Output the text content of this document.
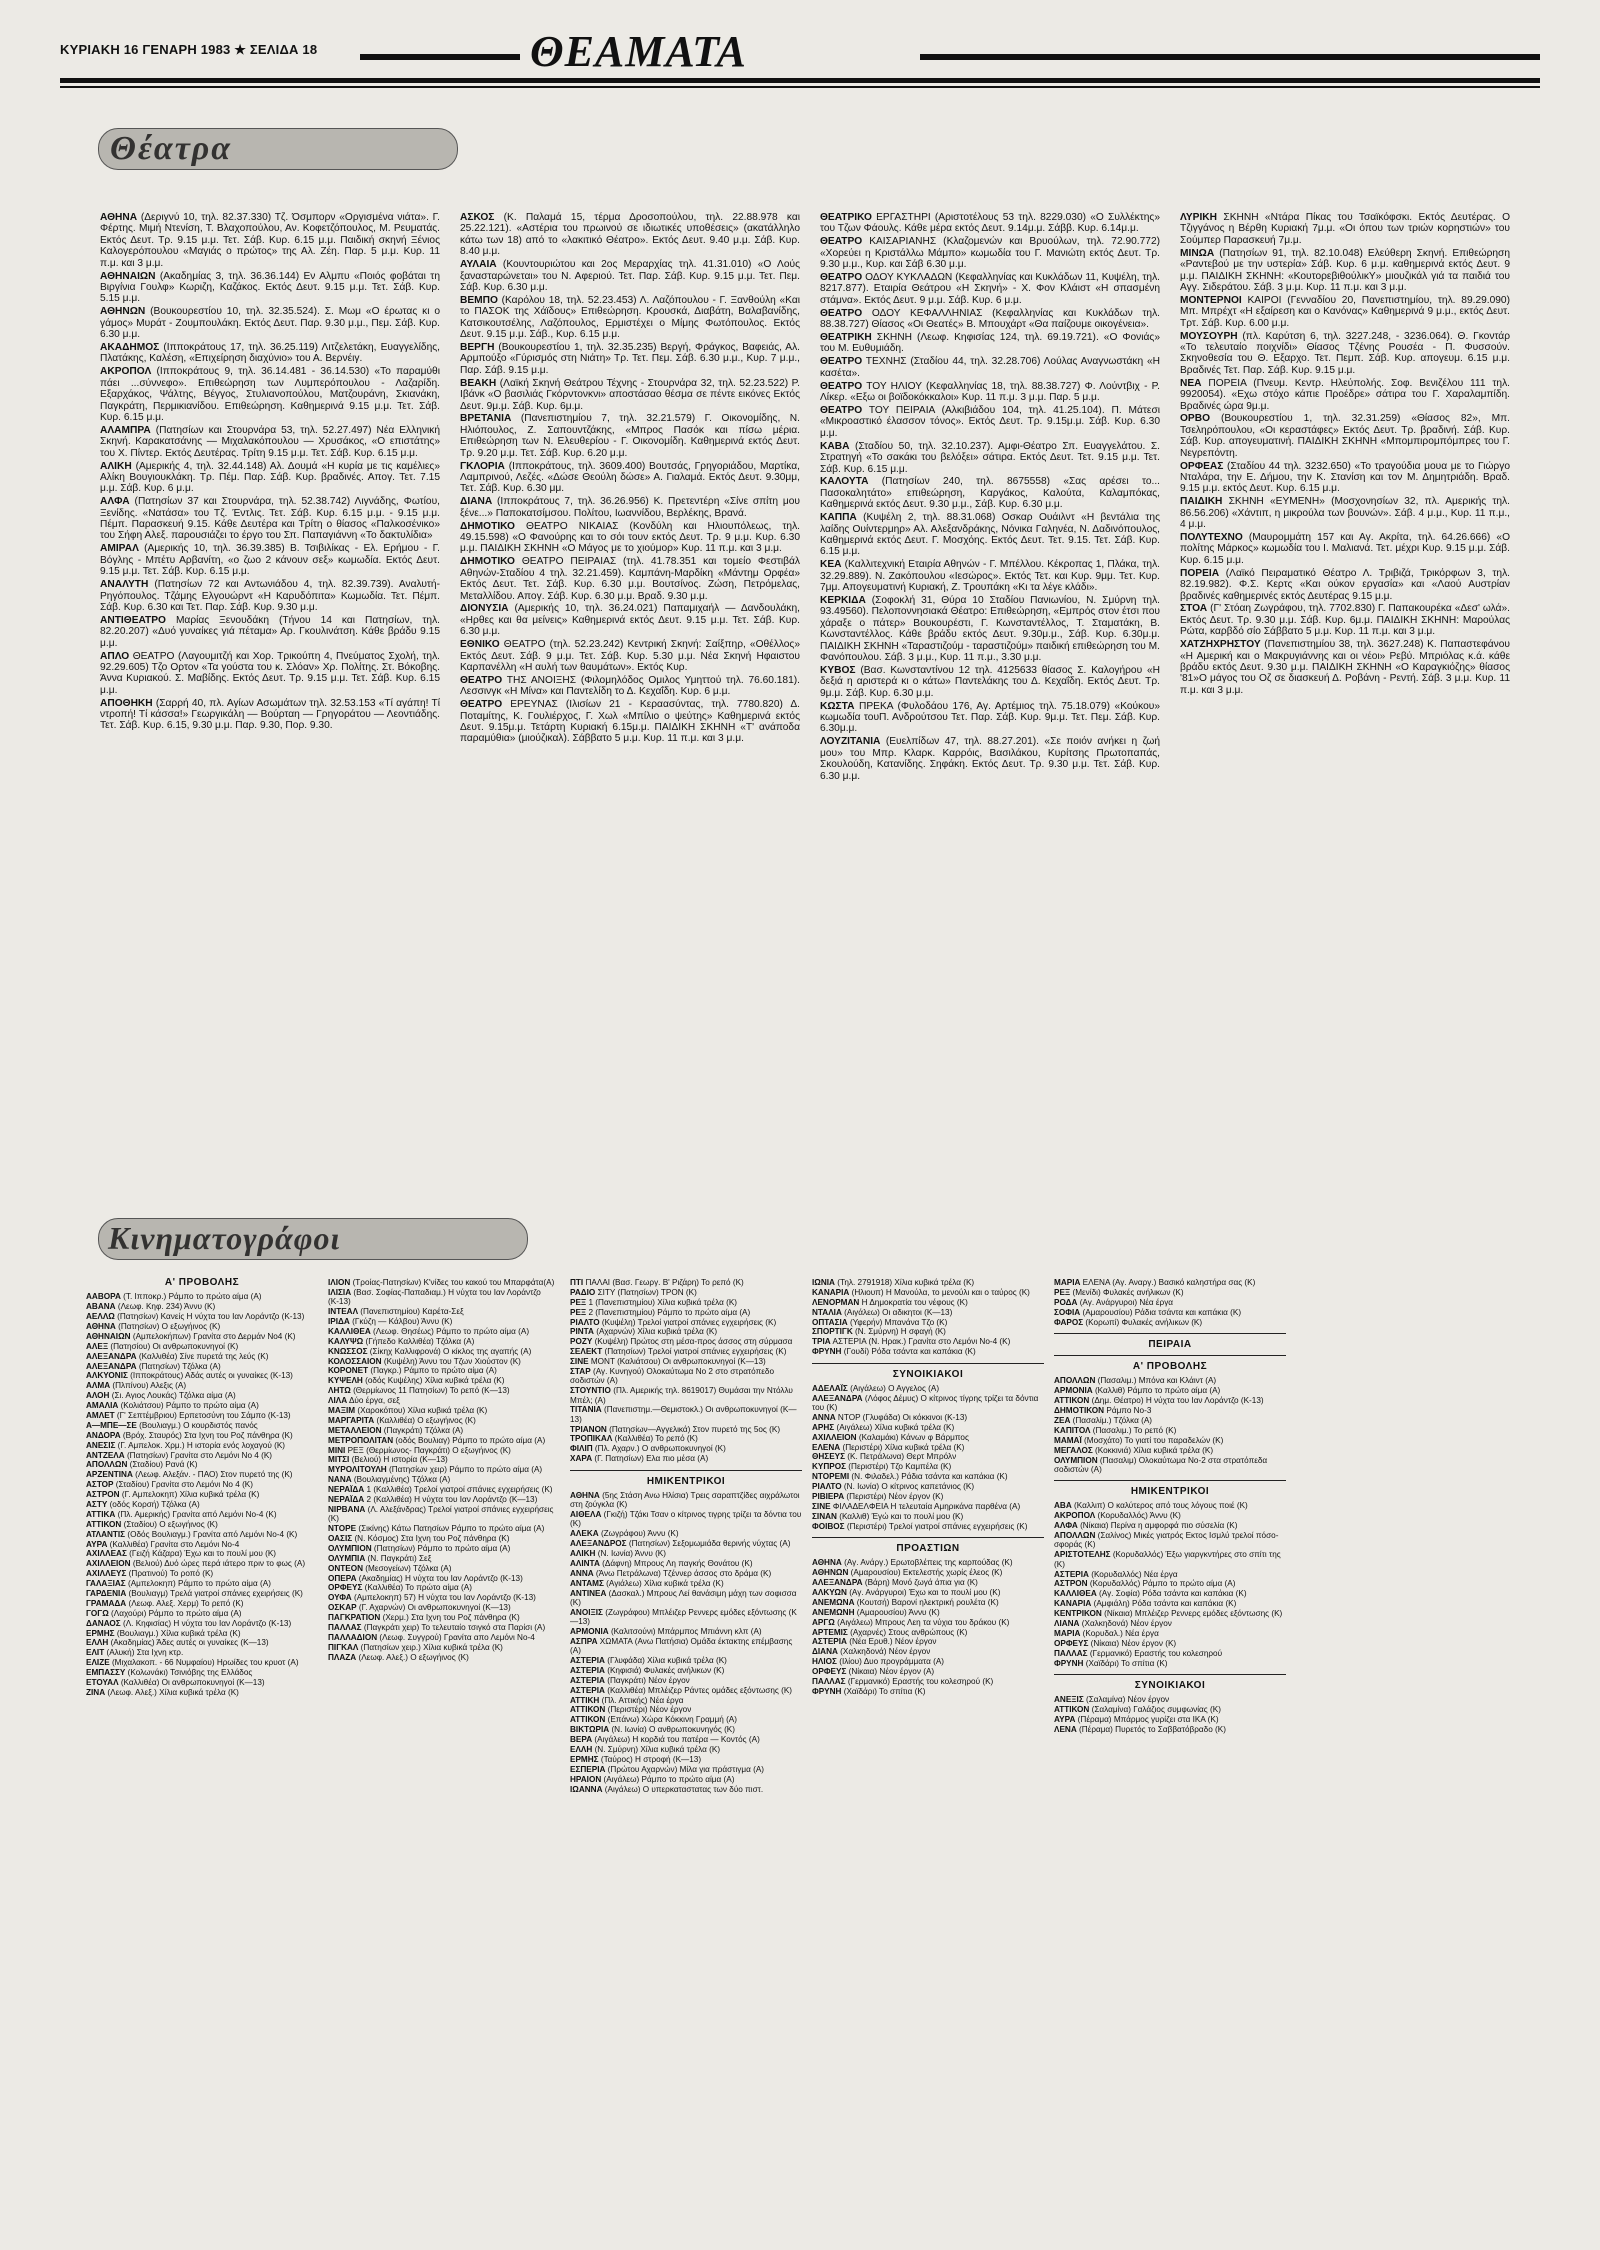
ΚΥΡΙΑΚΗ 16 ΓΕΝΑΡΗ 1983 ★ ΣΕΛΙΔΑ 18	ΘΕΑΜΑΤΑ
Θέατρα
ΑΘΗΝΑ (Δεριγνύ 10, τηλ. 82.37.330) Τζ. Όσμπορν «Οργισμένα νιάτα». Γ. Φέρτης. Μιμή Ντενίση, Τ. Βλαχοπούλου, Αν. Κοφετζόπουλος, Μ. Ρευματάς. Εκτός Δευτ. Τρ. 9.15 μ.μ. Τετ. Σάβ. Κυρ. 6.15 μ.μ. Παιδική σκηνή Ξένιος Καλογερόπουλου «Μαγιάς ο πρώτος» της Αλ. Ζέη. Παρ. 5 μ.μ. Κυρ. 11 π.μ. και 3 μ.μ.
ΑΘΗΝΑΙΩΝ (Ακαδημίας 3, τηλ. 36.36.144) Εν Αλμπυ «Ποιός φοβάται τη Βιργίνια Γουλφ» Κωριζη, Καζάκος. Εκτός Δευτ. 9.15 μ.μ. Τετ. Σάβ. Κυρ. 5.15 μ.μ.
ΑΘΗΝΩΝ (Βουκουρεστίου 10, τηλ. 32.35.524). Σ. Μωμ «Ο έρωτας κι ο γάμος» Μυράτ - Ζουμπουλάκη. Εκτός Δευτ. Παρ. 9.30 μ.μ., Πεμ. Σάβ. Κυρ. 6.30 μ.μ.
ΑΚΑΔΗΜΟΣ (Ιπποκράτους 17, τηλ. 36.25.119) Λιτζελετάκη, Ευαγγελίδης, Πλατάκης, Καλέση, «Επιχείρηση διαχύνιο» του Α. Βερνέιγ.
ΑΚΡΟΠΟΛ (Ιπποκράτους 9, τηλ. 36.14.481 - 36.14.530) «Το παραμύθι πάει ...σύννεφο». Επιθεώρηση των Λυμπερόπουλου - Λαζαρίδη. Εξαρχάκος, Ψάλτης, Βέγγος, Στυλιανοπούλου, Ματζουράνη, Σκιανάκη, Παγκράτη, Περμικιανίδου. Επιθεώρηση. Καθημερινά 9.15 μ.μ. Τετ. Σάβ. Κυρ. 6.15 μ.μ.
ΑΛΑΜΠΡΑ (Πατησίων και Στουρνάρα 53, τηλ. 52.27.497) Νέα Ελληνική Σκηνή. Καρακατσάνης — Μιχαλακόπουλου — Χρυσάκος, «Ο επιστάτης» του Χ. Πίντερ. Εκτός Δευτέρας. Τρίτη 9.15 μ.μ. Τετ. Σάβ. Κυρ. 6.15 μ.μ.
ΑΛΙΚΗ (Αμερικής 4, τηλ. 32.44.148) Αλ. Δουμά «Η κυρία με τις καμέλιες» Αλίκη Βουγιουκλάκη. Τρ. Πέμ. Παρ. Σάβ. Κυρ. βραδινές. Απογ. Τετ. 7.15 μ.μ. Σάβ. Κυρ. 6 μ.μ.
ΑΛΦΑ (Πατησίων 37 και Στουρνάρα, τηλ. 52.38.742) Λιγνάδης, Φωτίου, Ξενίδης. «Νατάσα» του Τζ. Έντλις. Τετ. Σάβ. Κυρ. 6.15 μ.μ. - 9.15 μ.μ. Πέμπ. Παρασκευή 9.15. Κάθε Δευτέρα και Τρίτη ο θίασος «Παλκοσένικο» του Σήφη Αλεξ. παρουσιάζει το έργο του Σπ. Παπαγιάννη «Το δακτυλίδια»
ΑΜΙΡΑΛ (Αμερικής 10, τηλ. 36.39.385) Β. Τσιβιλίκας - Ελ. Ερήμου - Γ. Βόγλης - Μπέτυ Αρβανίτη, «ο ζωο 2 κάνουν σεξ» κωμωδία. Εκτός Δευτ. 9.15 μ.μ. Τετ. Σάβ. Κυρ. 6.15 μ.μ.
ΑΝΑΛΥΤΗ (Πατησίων 72 και Αντωνιάδου 4, τηλ. 82.39.739). Αναλυτή-Ρηγόπουλος. Τζάμης Ελγουώρντ «Η Καρυδόπιτα» Κωμωδία. Τετ. Πέμπ. Σάβ. Κυρ. 6.30 και Τετ. Παρ. Σάβ. Κυρ. 9.30 μ.μ.
ΑΝΤΙΘΕΑΤΡΟ Μαρίας Ξενουδάκη (Τήνου 14 και Πατησίων, τηλ. 82.20.207) «Δυό γυναίκες γιά πέταμα» Αρ. Γκουλινάτση. Κάθε βράδυ 9.15 μ.μ.
ΑΠΛΟ ΘΕΑΤΡΟ (Λαγουμιτζή και Χορ. Τρικούπη 4, Πνεύματος Σχολή, τηλ. 92.29.605) Τζο Ορτον «Τα γούστα του κ. Σλόαν» Χρ. Πολίτης. Στ. Βόκοβης. Άννα Κυριακού. Σ. Μαβίδης. Εκτός Δευτ. Τρ. 9.15 μ.μ. Τετ. Σάβ. Κυρ. 6.15 μ.μ.
ΑΠΟΘΗΚΗ (Σαρρή 40, πλ. Αγίων Ασωμάτων τηλ. 32.53.153 «Τί αγάπη! Τί ντροπή! Τί κάσσα!» Γεωργικάλη — Βούρταη — Γρηγοράτου — Λεοντιάδης. Τετ. Σάβ. Κυρ. 6.15, 9.30 μ.μ. Παρ. 9.30, Πορ. 9.30.
ΑΣΚΟΣ (Κ. Παλαμά 15, τέρμα Δροσοπούλου, τηλ. 22.88.978 και 25.22.121). «Αστέρια του πρωινού σε ιδιωτικές υποθέσεις» (ακατάλληλο κάτω των 18) από το «λακιτικό Θέατρο». Εκτός Δευτ. 9.40 μ.μ. Σάβ. Κυρ. 8.40 μ.μ.
ΑΥΛΑΙΑ (Κουντουριώτου και 2ος Μεραρχίας τηλ. 41.31.010) «Ο Λούς ξανασταρώνεται» του Ν. Αφεριού. Τετ. Παρ. Σάβ. Κυρ. 9.15 μ.μ. Τετ. Πεμ. Σάβ. Κυρ. 6.30 μ.μ.
ΒΕΜΠΟ (Καρόλου 18, τηλ. 52.23.453) Λ. Λαζόπουλου - Γ. Ξανθούλη «Και το ΠΑΣΟΚ της Χάϊδους» Επιθεώρηση. Κρουσκά, Διαβάτη, Βαλαβανίδης, Κατσικουτσέλης, Λαζόπουλος, Ερμιστέχει ο Μίμης Φωτόπουλος. Εκτός Δευτ. 9.15 μ.μ. Σάβ., Κυρ. 6.15 μ.μ.
ΒΕΡΓΗ (Βουκουρεστίου 1, τηλ. 32.35.235) Βεργή, Φράγκος, Βαφειάς, Αλ. Αρμπούξο «Γύρισμός στη Νιάτη» Τρ. Τετ. Πεμ. Σάβ. 6.30 μ.μ., Κυρ. 7 μ.μ., Παρ. Σάβ. 9.15 μ.μ.
ΒΕΑΚΗ (Λαϊκή Σκηνή Θεάτρου Τέχνης - Στουρνάρα 32, τηλ. 52.23.522) Ρ. Ιβάνκ «Ο βασιλιάς Γκόρντονκνι» αποστάσαο θέσμα σε πέντε εικόνες Εκτός Δευτ. 9μ.μ. Σάβ. Κυρ. 6μ.μ.
ΒΡΕΤΑΝΙΑ (Πανεπιστημίου 7, τηλ. 32.21.579) Γ. Οικονομίδης, Ν. Ηλιόπουλος, Ζ. Σαπουντζάκης, «Μπρος Πασόκ και πίσω μέρια. Επιθεώρηση των Ν. Ελευθερίου - Γ. Οικονομίδη. Καθημερινά εκτός Δευτ. Τρ. 9.20 μ.μ. Τετ. Σάβ. Κυρ. 6.20 μ.μ.
ΓΚΛΟΡΙΑ (Ιπποκράτους, τηλ. 3609.400) Βουτσάς, Γρηγοριάδου, Μαρτίκα, Λαμπρινού, Λεζές. «Δώσε Θεούλη δώσε» Α. Γιαλαμά. Εκτός Δευτ. 9.30μμ, Τετ. Σάβ. Κυρ. 6.30 μμ.
ΔΙΑΝΑ (Ιπποκράτους 7, τηλ. 36.26.956) Κ. Πρετεντέρη «Σίνε σπίτη μου ξένε...» Παποκατσίμσου. Πολίτου, Ιωαννίδου, Βερλέκης, Βρανά.
ΔΗΜΟΤΙΚΟ ΘΕΑΤΡΟ ΝΙΚΑΙΑΣ (Κονδύλη και Ηλιουπόλεως, τηλ. 49.15.598) «Ο Φανούρης και το σόι τουν εκτός Δευτ. Τρ. 9 μ.μ. Κυρ. 6.30 μ.μ. ΠΑΙΔΙΚΗ ΣΚΗΝΗ «Ο Μάγος με το χιούμορ» Κυρ. 11 π.μ. και 3 μ.μ.
ΔΗΜΟΤΙΚΟ ΘΕΑΤΡΟ ΠΕΙΡΑΙΑΣ (τηλ. 41.78.351 και τομείο Φεστιβάλ Αθηνών-Σταδίου 4 τηλ. 32.21.459). Καμπάνη-Μαρδίκη «Μάντημ Ορφέα» Εκτός Δευτ. Τετ. Σάβ. Κυρ. 6.30 μ.μ. Βουτσίνος. Ζώση, Πετρόμελας, Μεταλλίδου. Απογ. Σάβ. Κυρ. 6.30 μ.μ. Βραδ. 9.30 μ.μ.
ΔΙΟΝΥΣΙΑ (Αμερικής 10, τηλ. 36.24.021) Παπαμιχαήλ — Δανδουλάκη, «Ηρθες και θα μείνεις» Καθημερινά εκτός Δευτ. 9.15 μ.μ. Τετ. Σάβ. Κυρ. 6.30 μ.μ.
ΕΘΝΙΚΟ ΘΕΑΤΡΟ (τηλ. 52.23.242) Κεντρική Σκηνή: Σαίξπηρ, «Οθέλλος» Εκτός Δευτ. Σάβ. 9 μ.μ. Τετ. Σάβ. Κυρ. 5.30 μ.μ. Νέα Σκηνή Ηφαιστου Καρπανέλλη «Η αυλή των θαυμάτων». Εκτός Κυρ.
ΘΕΑΤΡΟ ΤΗΣ ΑΝΟΙΞΗΣ (Φιλομηλόδος Ομιλος Υμηττού τηλ. 76.60.181). Λεσσινγκ «Η Μίνα» και Παντελίδη το Δ. Κεχαΐδη. Κυρ. 6 μ.μ.
ΘΕΑΤΡΟ ΕΡΕΥΝΑΣ (Ιλισίων 21 - Κεραασύντας, τηλ. 7780.820) Δ. Ποταμίτης, Κ. Γουλιέρχος, Γ. Χωλ «Μπίλιο ο ψεύτης» Καθημερινά εκτός Δευτ. 9.15μ.μ. Τετάρτη Κυριακή 6.15μ.μ. ΠΑΙΔΙΚΗ ΣΚΗΝΗ «Τ' ανάποδα παραμύθια» (μιούζικαλ). Σάββατο 5 μ.μ. Κυρ. 11 π.μ. και 3 μ.μ.
ΘΕΑΤΡΙΚΟ ΕΡΓΑΣΤΗΡΙ (Αριστοτέλους 53 τηλ. 8229.030) «Ο Συλλέκτης» του Τζων Φάουλς. Κάθε μέρα εκτός Δευτ. 9.14μ.μ. Σάββ. Κυρ. 6.14μ.μ.
ΘΕΑΤΡΟ ΚΑΙΣΑΡΙΑΝΗΣ (Κλαζομενών και Βρυούλων, τηλ. 72.90.772) «Χορεύει η Κριστάλλω Μάμπο» κωμωδία του Γ. Μανιώτη εκτός Δευτ. Τρ. 9.30 μ.μ., Κυρ. και Σάβ 6.30 μ.μ.
ΘΕΑΤΡΟ ΟΔΟΥ ΚΥΚΛΑΔΩΝ (Κεφαλληνίας και Κυκλάδων 11, Κυψέλη, τηλ. 8217.877). Εταιρία Θεάτρου «Η Σκηνή» - Χ. Φον Κλάιστ «Η σπασμένη στάμνα». Εκτός Δευτ. 9 μ.μ. Σάβ. Κυρ. 6 μ.μ.
ΘΕΑΤΡΟ ΟΔΟΥ ΚΕΦΑΛΛΗΝΙΑΣ (Κεφαλληνίας και Κυκλάδων τηλ. 88.38.727) Θίασος «Οι Θεατές» Β. Μπουχάρτ «Θα παίζουμε οικογένεια».
ΘΕΑΤΡΙΚΗ ΣΚΗΝΗ (Λεωφ. Κηφισίας 124, τηλ. 69.19.721). «Ο Φονιάς» του Μ. Ευθυμιάδη.
ΘΕΑΤΡΟ ΤΕΧΝΗΣ (Σταδίου 44, τηλ. 32.28.706) Λούλας Αναγνωστάκη «Η κασέτα».
ΘΕΑΤΡΟ ΤΟΥ ΗΛΙΟΥ (Κεφαλληνίας 18, τηλ. 88.38.727) Φ. Λούντβιχ - Ρ. Λίκερ. «Εξω οι βοϊδοκόκκαλοι» Κυρ. 11 π.μ. 3 μ.μ. Παρ. 5 μ.μ.
ΘΕΑΤΡΟ ΤΟΥ ΠΕΙΡΑΙΑ (Αλκιβιάδου 104, τηλ. 41.25.104). Π. Μάτεσι «Μικροαστικό έλασσον τόνος». Εκτός Δευτ. Τρ. 9.15μ.μ. Σάβ. Κυρ. 6.30 μ.μ.
ΚΑΒΑ (Σταδίου 50, τηλ. 32.10.237). Αμφι-Θέατρο Σπ. Ευαγγελάτου. Σ. Στρατηγή «Το σακάκι του βελόξει» σάτιρα. Εκτός Δευτ. Τετ. 9.15 μ.μ. Τετ. Σάβ. Κυρ. 6.15 μ.μ.
ΚΑΛΟΥΤΑ (Πατησίων 240, τηλ. 8675558) «Σας αρέσει το... Πασοκαλητάτο» επιθεώρηση, Καργάκος, Καλούτα, Καλαμπόκας, Καθημερινά εκτός Δευτ. 9.30 μ.μ., Σάβ. Κυρ. 6.30 μ.μ.
ΚΑΠΠΑ (Κυψέλη 2, τηλ. 88.31.068) Οσκαρ Ουάιλντ «Η βεντάλια της λαίδης Ουίντερμηρ» Αλ. Αλεξανδράκης, Νόνικα Γαληνέα, Ν. Δαδινόπουλος, Καθημερινά εκτός Δευτ. Γ. Μοσχόης. Εκτός Δευτ. Τετ. 9.15. Τετ. Σάβ. Κυρ. 6.15 μ.μ.
ΚΕΑ (Καλλιτεχνική Εταιρία Αθηνών - Γ. Μπέλλου. Κέκροπας 1, Πλάκα, τηλ. 32.29.889). Ν. Ζακόπουλου «Ιεσώρος». Εκτός Τετ. και Κυρ. 9μμ. Τετ. Κυρ. 7μμ. Απογευματινή Κυριακή, Ζ. Τρουπάκη «Κι τα λέγε κλάδι».
ΚΕΡΚΙΔΑ (Σοφοκλή 31, Θύρα 10 Σταδίου Πανιωνίου, Ν. Σμύρνη τηλ. 93.49560). Πελοποννησιακά Θέατρο: Επιθεώρηση, «Εμπρός στον έτσι που χάραξε ο πάτερ» Βουκουρέστι, Γ. Κωνσταντέλλος, Τ. Σταματάκη, Β. Κωνσταντέλλος. Κάθε βράδυ εκτός Δευτ. 9.30μ.μ., Σάβ. Κυρ. 6.30μ.μ. ΠΑΙΔΙΚΗ ΣΚΗΝΗ «Ταραστιζούμ - ταραστιζούμ» παιδική επιθεώρηση του Μ. Φανόπουλου. Σάβ. 3 μ.μ., Κυρ. 11 π.μ., 3.30 μ.μ.
ΚΥΒΟΣ (Βασ. Κωνσταντίνου 12 τηλ. 4125633 θίασος Σ. Καλογήρου «Η δεξιά η αριστερά κι ο κάτω» Παντελάκης του Δ. Κεχαΐδη. Εκτός Δευτ. Τρ. 9μ.μ. Σάβ. Κυρ. 6.30 μ.μ.
ΚΩΣΤΑ ΠΡΕΚΑ (Φυλοδάου 176, Αγ. Αρτέμιος τηλ. 75.18.079) «Κούκου» κωμωδία τουΠ. Ανδρούτσου Τετ. Παρ. Σάβ. Κυρ. 9μ.μ. Τετ. Πεμ. Σάβ. Κυρ. 6.30μ.μ.
ΛΟΥΖΙΤΑΝΙΑ (Ευελπίδων 47, τηλ. 88.27.201). «Σε ποιόν ανήκει η ζωή μου» του Μπρ. Κλαρκ. Καρρόις, Βασιλάκου, Κυρίτσης Πρωτοπαπάς, Σκουλούδη, Κατανίδης. Σηφάκη. Εκτός Δευτ. Τρ. 9.30 μ.μ. Τετ. Σάβ. Κυρ. 6.30 μ.μ.
ΛΥΡΙΚΗ ΣΚΗΝΗ «Ντάρα Πίκας του Τσαϊκόφσκι. Εκτός Δευτέρας. Ο Τζιγγάνος η Βέρθη Κυριακή 7μ.μ. «Οι όπου των τριών κορηστιών» του Σούμπερ Παρασκευή 7μ.μ.
ΜΙΝΩΑ (Πατησίων 91, τηλ. 82.10.048) Ελεύθερη Σκηνή. Επιθεώρηση «Ραντεβού με την υστερία» Σάβ. Κυρ. 6 μ.μ. καθημερινά εκτός Δευτ. 9 μ.μ. ΠΑΙΔΙΚΗ ΣΚΗΝΗ: «ΚουτορεβιθούλικΥ» μιουζικάλ γιά τα παιδιά του Αγγ. Σιδεράτου. Σάβ. 3 μ.μ. Κυρ. 11 π.μ. και 3 μ.μ.
ΜΟΝΤΕΡΝΟΙ ΚΑΙΡΟΙ (Γενναδίου 20, Πανεπιστημίου, τηλ. 89.29.090) Μπ. Μπρέχτ «Η εξαίρεση και ο Κανόνας» Καθημερινά 9 μ.μ., εκτός Δευτ. Τρτ. Σάβ. Κυρ. 6.00 μ.μ.
ΜΟΥΣΟΥΡΗ (πλ. Καρύτση 6, τηλ. 3227.248, - 3236.064). Θ. Γκοντάρ «Το τελευταίο ποιχνίδι» Θίασος Τζένης Ρουσέα - Π. Φυσσούν. Σκηνοθεσία του Θ. Εξαρχο. Τετ. Πεμπ. Σάβ. Κυρ. απογευμ. 6.15 μ.μ. Βραδινές Τετ. Παρ. Σάβ. Κυρ. 9.15 μ.μ.
ΝΕΑ ΠΟΡΕΙΑ (Πνευμ. Κεντρ. Ηλεύπολής. Σοφ. Βενιζέλου 111 τηλ. 9920054). «Εχω στόχο κάπιε Προέδρε» σάτιρα του Γ. Χαραλαμπίδη. Βραδινές ώρα 9μ.μ.
ΟΡΒΟ (Βουκουρεστίου 1, τηλ. 32.31.259) «Θίασος 82», Μπ. Τσεληρόπουλου, «Οι κεραστάφες» Εκτός Δευτ. Τρ. βραδινή. Σάβ. Κυρ. Σάβ. Κυρ. απογευματινή. ΠΑΙΔΙΚΗ ΣΚΗΝΗ «Μπομπιρομπόμπρες του Γ. Νεγρεπόντη.
ΟΡΦΕΑΣ (Σταδίου 44 τηλ. 3232.650) «Το τραγούδια μουα με το Γιώργο Νταλάρα, την Ε. Δήμου, την Κ. Στανίση και τον Μ. Δημητριάδη. Βραδ. 9.15 μ.μ. εκτός Δευτ. Κυρ. 6.15 μ.μ.
ΠΑΙΔΙΚΗ ΣΚΗΝΗ «ΕΥΜΕΝΗ» (Μοσχονησίων 32, πλ. Αμερικής τηλ. 86.56.206) «Χάντιπ, η μικρούλα των βουνών». Σάβ. 4 μ.μ., Κυρ. 11 π.μ., 4 μ.μ.
ΠΟΛΥΤΕΧΝΟ (Μαυρομμάτη 157 και Αγ. Ακρίτα, τηλ. 64.26.666) «Ο πολίτης Μάρκος» κωμωδία του Ι. Μαλιανά. Τετ. μέχρι Κυρ. 9.15 μ.μ. Σάβ. Κυρ. 6.15 μ.μ.
ΠΟΡΕΙΑ (Λαϊκό Πειραματικό Θέατρο Λ. Τριβιζά, Τρικόρφων 3, τηλ. 82.19.982). Φ.Σ. Κερτς «Και ούκον εργασία» και «Λαού Αυστρίαν βραδινές καθημερινές εκτός Δευτέρας 9.15 μ.μ.
ΣΤΟΑ (Γ' Στόαη Ζωγράφου, τηλ. 7702.830) Γ. Παπακουρέκα «Δεσ' ωλά». Εκτός Δευτ. Τρ. 9.30 μ.μ. Σάβ. Κυρ. 6μ.μ. ΠΑΙΔΙΚΗ ΣΚΗΝΗ: Μαρούλας Ρώτα, καρβδό σίο Σάββατο 5 μ.μ. Κυρ. 11 π.μ. και 3 μ.μ.
ΧΑΤΖΗΧΡΗΣΤΟΥ (Πανεπιστημίου 38, τηλ. 3627.248) Κ. Παπαστεφάνου «Η Αμερική και ο Μακρυγιάννης και οι νέοι» Ρεβύ. Μπριόλας κ.ά. κάθε βράδυ εκτός Δευτ. 9.30 μ.μ. ΠΑΙΔΙΚΗ ΣΚΗΝΗ «Ο Καραγκιόζης» θίασος '81»Ο μάγος του Οζ σε διασκευή Δ. Ροβάνη - Ρεντή. Σάβ. 3 μ.μ. Κυρ. 11 π.μ. και 3 μ.μ.
Κινηματογράφοι
Α' ΠΡΟΒΟΛΗΣ
ΑΑΒΟΡΑ (Τ. Ιπποκρ.) Ράμπο το πρώτο αίμα (Α)
ΑΒΑΝΑ (Λεωφ. Κηφ. 234) Άννυ (Κ)
ΑΕΛΛΩ (Πατησίων) Κανείς Η νύχτα του Ιαν Λοράντζο (Κ-13)
ΑΘΗΝΑ (Πατησίων) Ο εξωγήινος (Κ)
ΑΘΗΝΑΙΩΝ (Αμπελοκήπων) Γρανίτα στο Δερμάν Νο4 (Κ)
ΑΛΕΞ (Πατησίου) Οι ανθρωποκυνηγοί (Κ)
ΑΛΕΞΑΝΔΡΑ (Καλλιθέα) Σίνε πυρετά της λεύς (Κ)
ΑΛΕΞΑΝΔΡΑ (Πατησίων) Τζόλκα (Α)
ΑΛΚΥΟΝΙΣ (Ιπποκράτους) Αδάς αυτές οι γυναίκες (Κ-13)
ΑΛΜΑ (Πλπίνου) Αλεξις (Α)
ΑΛΟΗ (Σι. Αγιος Λουκάς) Τζόλκα αίμα (Α)
ΑΜΑΛΙΑ (Κολιάτσου) Ράμπο το πρώτο αίμα (Α)
ΑΜΛΕΤ (Γ' Σεπτέμβριου) Ερπετοσύνη του Σάμπο (Κ-13)
Α—ΜΠΕ—ΣΕ (Βουλιαγμ.) Ο κουρδιστός πανός
ΑΝΔΟΡΑ (Βρόχ. Σταυρός) Στα Ιχνη του Ροζ πάνθηρα (Κ)
ΑΝΕΣΙΣ (Γ. Αμπελοκ. Χρμ.) Η ιστορία ενός λοχαγού (Κ)
ΑΝΤΖΕΛΑ (Πατησίων) Γρανίτα στο Λεμόνι Νο 4 (Κ)
ΑΠΟΛΛΩΝ (Σταδίου) Ρανά (Κ)
ΑΡΖΕΝΤΙΝΑ (Λεωφ. Αλεξάν. - ΠΑΟ) Στον πυρετό της (Κ)
ΑΣΤΟΡ (Σταδίου) Γρανίτα στο Λεμόνι Νο 4 (Κ)
ΑΣΤΡΟΝ (Γ. Αμπελοκηπ) Χίλια κυβικά τρέλα (Κ)
ΑΣΤΥ (οδός Κορσή) Τζόλκα (Α)
ΑΤΤΙΚΑ (Πλ. Αμερικής) Γρανίτα από Λεμόνι Νο-4 (Κ)
ΑΤΤΙΚΟΝ (Σταδίου) Ο εξωγήινος (Κ)
ΑΤΛΑΝΤΙΣ (Οδός Βουλιαγμ.) Γρανίτα από Λεμόνι Νο-4 (Κ)
ΑΥΡΑ (Καλλιθέα) Γρανίτα στο Λεμόνι Νο-4
ΑΧΙΛΛΕΑΣ (Γειζή Κάζαρα) Έχω και το πουλί μου (Κ)
ΑΧΙΛΛΕΙΟΝ (Βελιού) Δυό ώρες περά ιάτερο πριν το φως (Α)
ΑΧΙΛΛΕΥΣ (Πρατινού) Το ροπό (Κ)
ΓΑΛΑΞΙΑΣ (Αμπελοκηπ) Ράμπο το πρώτο αίμα (Α)
ΓΑΡΔΕΝΙΑ (Βουλιαγμ) Τρελά γιατροί σπάνιες εχειρήσεις (Κ)
ΓΡΑΜΑΔΑ (Λεωφ. Αλεξ. Χερμ) Το ρεπό (Κ)
ΓΟΓΩ (Λαχούρι) Ράμπο το πρώτο αίμα (Α)
ΔΑΝΑΟΣ (Λ. Κηφισίας) Η νύχτα του Ιαν Λοράντζο (Κ-13)
ΕΡΜΗΣ (Βουλιαγμ.) Χίλια κυβικά τρέλα (Κ)
ΕΛΛΗ (Ακαδημίας) Άδες αυτές οι γυναίκες (Κ—13)
ΕΛΙΤ (Αλυκή) Στα Ιχνη κτρ.
ΕΛΙΖΕ (Μιχαλακοπ. - 66 Νυμφαίου) Ηρωίδες του κρυοτ (Α)
ΕΜΠΑΣΣΥ (Κολωνάκι) Τσινιόβης της Ελλάδος
ΕΤΟΥΑΛ (Καλλιθέα) Οι ανθρωποκυνηγοί (Κ—13)
ΖΙΝΑ (Λεωφ. Αλεξ.) Χίλια κυβικά τρέλα (Κ)
ΙΛΙΟΝ (Τροίας-Πατησίων) Κ'νίδες του κακού του Μπαρφάτα(Α)
ΙΛΙΣΙΑ (Βασ. Σοφίας-Παπαδιαμ.) Η νύχτα του Ιαν Λοράντζο (Κ-13)
ΙΝΤΕΑΛ (Πανεπιστημίου) Καρέτα-Σεξ
ΙΡΙΔΑ (Γκύζη — Κάλβου) Άννυ (Κ)
ΚΑΛΛΙΘΕΑ (Λεωφ. Θησέως) Ράμπο το πρώτο αίμα (Α)
ΚΑΛΥΨΩ (Γήπεδο Καλλιθέα) Τζόλκα (Α)
ΚΝΩΣΣΟΣ (Σίκηχ Καλλιφρονά) Ο κίκλος της αγαπής (Α)
ΚΟΛΟΣΣΑΙΟΝ (Κυψέλη) Άννυ του Τζων Χιούστον (Κ)
ΚΟΡΟΝΕΤ (Παγκρ.) Ράμπο το πρώτο αίμα (Α)
ΚΥΨΕΛΗ (οδός Κυψέλης) Χίλια κυβικά τρέλα (Κ)
ΛΗΤΩ (Θερμίωνος 11 Πατησίων) Το ρεπό (Κ—13)
ΛΙΛΑ Δύο έργα, σεξ
ΜΑΞΙΜ (Χαροκόπου) Χίλια κυβικά τρέλα (Κ)
ΜΑΡΓΑΡΙΤΑ (Καλλιθέα) Ο εξωγήινος (Κ)
ΜΕΤΑΛΛΕΙΟΝ (Παγκράτι) Τζόλκα (Α)
ΜΕΤΡΟΠΟΛΙΤΑΝ (οδός Βουλιαγ) Ράμπο το πρώτο αίμα (Α)
ΜΙΝΙ ΡΕΞ (Θερμίωνος- Παγκράτι) Ο εξωγήινος (Κ)
ΜΙΤΣΙ (Βελιού) Η ιστορία (Κ—13)
ΜΥΡΟΛΙΤΟΥΛΗ (Πατησίων χειρ) Ράμπο το πρώτο αίμα (Α)
ΝΑΝΑ (Βουλιαγμένης) Τζόλκα (Α)
ΝΕΡΑΪΔΑ 1 (Καλλιθέα) Τρελοί γιατροί σπάνιες εγχειρήσεις (Κ)
ΝΕΡΑΪΔΑ 2 (Καλλιθέα) Η νύχτα του Ιαν Λοράντζο (Κ—13)
ΝΙΡΒΑΝΑ (Λ. Αλεξάνδρας) Τρελοί γιατροί σπάνιες εγχειρήσεις (Κ)
ΝΤΟΡΕ (Σικίνης) Κάτω Πατησίων Ράμπο το πρώτο αίμα (Α)
ΟΑΣΙΣ (Ν. Κόσμος) Στα Ιχνη του Ροζ πάνθηρα (Κ)
ΟΛΥΜΠΙΟΝ (Πατησίων) Ράμπο το πρώτο αίμα (Α)
ΟΛΥΜΠΙΑ (Ν. Παγκράτι) Σεξ
ΟΝΤΕΟΝ (Μεσογείων) Τζόλκα (Α)
ΟΠΕΡΑ (Ακαδημίας) Η νύχτα του Ιαν Λοράντζο (Κ-13)
ΟΡΦΕΥΣ (Καλλιθέα) Το πρώτο αίμα (Α)
ΟΥΦΑ (Αμπελοκηπ) 57) Η νύχτα του Ιαν Λοράντζο (Κ-13)
ΟΣΚΑΡ (Γ. Αχαρνών) Οι ανθρωποκυνηγοί (Κ—13)
ΠΑΓΚΡΑΤΙΟΝ (Χερμ.) Στα Ιχνη του Ροζ πάνθηρα (Κ)
ΠΑΛΛΑΣ (Παγκράτι χειρ) Το τελευταίο τσιγκό στα Παρίσι (Α)
ΠΑΛΛΑΔΙΟΝ (Λεωφ. Συγγρού) Γρανίτα απο Λεμόνι Νο-4
ΠΙΓΚΑΛ (Πατησίων χειρ.) Χίλια κυβικά τρέλα (Κ)
ΠΛΑΖΑ (Λεωφ. Αλεξ.) Ο εξωγήινος (Κ)
ΠΤΙ ΠΑΛΑΙ (Βασ. Γεωργ. Β' Ριζάρη) Το ρεπό (Κ)
ΡΑΔΙΟ ΣΙΤΥ (Πατησίων) ΤΡΟΝ (Κ)
ΡΕΞ 1 (Πανεπιστημίου) Χίλια κυβικά τρέλα (Κ)
ΡΕΞ 2 (Πανεπιστημίου) Ράμπο το πρώτο αίμα (Α)
ΡΙΑΛΤΟ (Κυψέλη) Τρελοί γιατροί σπάνιες εγχειρήσεις (Κ)
ΡΙΝΤΑ (Αχαρνών) Χίλια κυβικά τρέλα (Κ)
ΡΟΖΥ (Κυψέλη) Πρώτος στη μέσα-προς άσσος στη σύρμασα
ΣΕΛΕΚΤ (Πατησίων) Τρελοί γιατροί σπάνιες εγχειρήσεις (Κ)
ΣΙΝΕ ΜΟΝΤ (Καλιάτσου) Οι ανθρωποκυνηγοί (Κ—13)
ΣΤΑΡ (Αγ. Κυνηγού) Ολοκαύτωμα Νο 2 στο στρατόπεδο σοδιστών (Α)
ΣΤΟΥΝΤΙΟ (Πλ. Αμερικής τηλ. 8619017) Θυμάσαι την Ντόλλυ Μπέλ; (Α)
ΤΙΤΑΝΙΑ (Πανεπιστημ.—Θεμιστοκλ.) Οι ανθρωποκυνηγοί (Κ—13)
ΤΡΙΑΝΟΝ (Πατησίων—Αγγελικά) Στον πυρετό της 5ος (Κ)
ΤΡΟΠΙΚΑΛ (Καλλιθέα) Το ρεπό (Κ)
ΦΙΛΙΠ (Πλ. Αχαρν.) Ο ανθρωποκυνηγοί (Κ)
ΧΑΡΑ (Γ. Πατησίων) Ελα πιο μέσα (Α)
ΗΜΙΚΕΝΤΡΙΚΟΙ
ΑΘΗΝΑ (5ης Στάση Ανω Ηλίσια) Τρεις σαραπτζίδες αιχράλωτοι στη ζούγκλα (Κ)
ΑΙΘΕΛΑ (Γκιζή) Τζάκι Τσαν ο κίτρινος τιγρης τρίζει τα δόντια του (Κ)
ΑΛΕΚΑ (Ζωγράφου) Άννυ (Κ)
ΑΛΕΞΑΝΔΡΟΣ (Πατησίων) Σεξομωμιάδα θερινής νύχτας (Α)
ΑΛΙΚΗ (Ν. Ιωνία) Άννυ (Κ)
ΑΛΙΝΤΑ (Δάφνη) Μπρους Λη παγκής Θονάτου (Κ)
ΑΝΝΑ (Άνω Πετράλωνα) Τζέννερ άσσος στο δράμα (Κ)
ΑΝΤΑΜΣ (Αγιάλεω) Χίλια κυβικά τρέλα (Κ)
ΑΝΤΙΝΕΑ (Δασκαλ.) Μπρους Λεί θανάσιμη μάχη των σοφισσα (Κ)
ΑΝΟΙΞΙΣ (Ζωγράφου) Μπλέιζερ Ρεννερς εμόδες εξόντωσης (Κ—13)
ΑΡΜΟΝΙΑ (Καλιτσούνι) Μπάρμπος Μπιάννη κλπ (Α)
ΑΣΠΡΑ ΧΩΜΑΤΑ (Ανω Πατήσια) Ομάδα έκτακτης επέμβασης (Α)
ΑΣΤΕΡΙΑ (Γλυφάδα) Χίλια κυβικά τρέλα (Κ)
ΑΣΤΕΡΙΑ (Κηφισιά) Φυλακές ανήλικων (Κ)
ΑΣΤΕΡΙΑ (Παγκράτι) Νέον έργον
ΑΣΤΕΡΙΑ (Καλλιθέα) Μπλέιζερ Ράντες ομάδες εξόντωσης (Κ)
ΑΤΤΙΚΗ (Πλ. Αττικής) Νέα έργα
ΑΤΤΙΚΟΝ (Περιστέρι) Νέον έργον
ΑΤΤΙΚΟΝ (Επάνω) Χώρα Κόκκινη Γραμμή (Α)
ΒΙΚΤΩΡΙΑ (Ν. Ιωνία) Ο ανθρωποκυνηγός (Κ)
ΒΕΡΑ (Αιγάλεω) Η κορδιά του πατέρα — Κοντός (Α)
ΕΛΛΗ (Ν. Σμύρνη) Χίλια κυβικά τρέλα (Κ)
ΕΡΜΗΣ (Ταύρος) Η στροφή (Κ—13)
ΕΣΠΕΡΙΑ (Πρώτου Αχαρνών) Μίλα για πράστιγμα (Α)
ΗΡΑΙΟΝ (Αιγάλεω) Ράμπο το πρώτο αίμα (Α)
ΙΩΑΝΝΑ (Αιγάλεω) Ο υπερκαταστατας των δύο πιστ.
ΙΩΝΙΑ (Τηλ. 2791918) Χίλια κυβικά τρέλα (Κ)
ΚΑΝΑΡΙΑ (Ηλιουπ) Η Μανούλα, το μενούλι και ο ταύρος (Κ)
ΛΕΝΟΡΜΑΝ Η Δημοκρατία του νέφους (Κ)
ΝΤΑΛΙΑ (Αιγάλεω) Οι αδικητοι (Κ—13)
ΟΠΤΑΣΙΑ (Υφερήν) Μπανάνα Τζο (Κ)
ΣΠΟΡΤΙΓΚ (Ν. Σμύρνη) Η σφαγή (Κ)
ΤΡΙΑ ΑΣΤΕΡΙΑ (Ν. Ηρακ.) Γρανίτα στο Λεμόνι Νο-4 (Κ)
ΦΡΥΝΗ (Γουδί) Ρόδα τσάντα και καπάκια (Κ)
ΣΥΝΟΙΚΙΑΚΟΙ
ΑΔΕΛΑΪΣ (Αιγάλεω) Ο Αγγελος (Α)
ΑΛΕΞΑΝΔΡΑ (Λόφος Δέμυς) Ο κίτρινος τίγρης τρίζει τα δόντια του (Κ)
ΑΝΝΑ ΝΤΟΡ (Γλυφάδα) Οι κόκκινοι (Κ-13)
ΑΡΗΣ (Αιγάλεω) Χίλια κυβικά τρέλα (Κ)
ΑΧΙΛΛΕΙΟΝ (Καλαμάκι) Κάνων φ Βάρμπος
ΕΛΕΝΑ (Περιστέρι) Χίλια κυβικά τρέλα (Κ)
ΘΗΣΕΥΣ (Κ. Πετράλωνα) Θερτ Μπρόλν
ΚΥΠΡΟΣ (Περιστέρι) Τζο Καμπέλα (Κ)
ΝΤΟΡΕΜΙ (Ν. Φιλαδελ.) Ράδια τσάντα και καπάκια (Κ)
ΡΙΑΛΤΟ (Ν. Ιωνία) Ο κίτρινος καπετάνιος (Κ)
ΡΙΒΙΕΡΑ (Περιστέρι) Νέον έργον (Κ)
ΣΙΝΕ ΦΙΛΑΔΕΛΦΕΙΑ Η τελευταία Αμηρικάνα παρθένα (Α)
ΣΙΝΑΝ (Καλλιθ) Έγώ και το πουλί μου (Κ)
ΦΟΙΒΟΣ (Περιστέρι) Τρελοί γιατροί σπάνιες εγχειρήσεις (Κ)
ΠΡΟΑΣΤΙΩΝ
ΑΘΗΝΑ (Αγ. Ανάργ.) Ερωτοβλέπεις της καρπούδας (Κ)
ΑΘΗΝΩΝ (Αμαρουσίου) Εκτελεστής χωρίς έλεος (Κ)
ΑΛΕΞΑΝΔΡΑ (Βάρη) Μονό ζωγά άπια για (Κ)
ΑΛΚΥΩΝ (Αγ. Ανάργυροι) Έχω και το πουλί μου (Κ)
ΑΝΕΜΩΝΑ (Κουτσή) Βαρονί ηλεκτρική ρουλέτα (Κ)
ΑΝΕΜΩΝΗ (Αμαρουσίου) Άννυ (Κ)
ΑΡΓΩ (Αιγάλεω) Μπρους Λεη τα νύχια του δράκου (Κ)
ΑΡΤΕΜΙΣ (Αχαρνές) Στους ανθρώπους (Κ)
ΑΣΤΕΡΙΑ (Νέα Ερυθ.) Νέον έργον
ΔΙΑΝΑ (Χαλκηδονά) Νέον έργον
ΗΛΙΟΣ (Ιλίου) Δυο προγράμματα (Α)
ΟΡΦΕΥΣ (Νίκαια) Νέον έργον (Α)
ΠΑΛΛΑΣ (Γερμανικό) Εραστής του κολεσηρού (Κ)
ΦΡΥΝΗ (Χαϊδάρι) Το σπίτια (Κ)
ΜΑΡΙΑ ΕΛΕΝΑ (Αγ. Αναργ.) Βασικό καληστήρα σας (Κ)
ΡΕΞ (Μενίδι) Φυλακές ανήλικων (Κ)
ΡΟΔΑ (Αγ. Ανάργυροι) Νέα έργα
ΣΟΦΙΑ (Αμαρουσίου) Ράδια τσάντα και καπάκια (Κ)
ΦΑΡΟΣ (Κορωπί) Φυλακές ανήλικων (Κ)
ΠΕΙΡΑΙΑ
Α' ΠΡΟΒΟΛΗΣ
ΑΠΟΛΛΩΝ (Πασαλιμ.) Μπόνα και Κλάιντ (Α)
ΑΡΜΟΝΙΑ (Καλλιθ) Ράμπο το πρώτο αίμα (Α)
ΑΤΤΙΚΟΝ (Δημ. Θέατρο) Η νύχτα του Ιαν Λοράντζο (Κ-13)
ΔΗΜΟΤΙΚΟΝ Ράμπο Νο-3
ΖΕΑ (Πασαλίμ.) Τζόλκα (Α)
ΚΑΠΙΤΟΛ (Πασαλιμ.) Το ρεπό (Κ)
ΜΑΜΑΪ (Μοσχάτο) Το γιατί του παραδελών (Κ)
ΜΕΓΑΛΟΣ (Κοκκινιά) Χίλια κυβικά τρέλα (Κ)
ΟΛΥΜΠΙΟΝ (Πασαλιμ) Ολοκαύτωμα Νο-2 στα στρατόπεδα σοδιστών (Α)
ΗΜΙΚΕΝΤΡΙΚΟΙ
ΑΒΑ (Καλλιπ) Ο καλύτερος από τους λόγους ποιέ (Κ)
ΑΚΡΟΠΟΛ (Κορυδαλλός) Άννυ (Κ)
ΑΛΦΑ (Νίκαια) Περίνα η αμφορφά πιο σύσελία (Κ)
ΑΠΟΛΛΩΝ (Σαλίνος) Μικές γιατρός Εκτος Ισμλύ τρελοί πόσο-σφοράς (Κ)
ΑΡΙΣΤΟΤΕΛΗΣ (Κορυδαλλός) Έξω γιαργκντήρες στο σπίτι της (Κ)
ΑΣΤΕΡΙΑ (Κορυδαλλός) Νέα έργα
ΑΣΤΡΟΝ (Κορυδαλλός) Ράμπο το πρώτο αίμα (Α)
ΚΑΛΛΙΘΕΑ (Αγ. Σοφία) Ρόδα τσάντα και καπάκια (Κ)
ΚΑΝΑΡΙΑ (Αμφιάλη) Ρόδα τσάντα και καπάκια (Κ)
ΚΕΝΤΡΙΚΟΝ (Νίκαια) Μπλέιζερ Ρεννερς εμόδες εξόντωσης (Κ)
ΛΙΑΝΑ (Χαλκηδονά) Νέον έργον
ΜΑΡΙΑ (Κορυδαλ.) Νέα έργα
ΟΡΦΕΥΣ (Νίκαια) Νέον έργον (Κ)
ΠΑΛΛΑΣ (Γερμανικό) Εραστής του κολεσηρού
ΦΡΥΝΗ (Χαϊδάρι) Το σπίτια (Κ)
ΣΥΝΟΙΚΙΑΚΟΙ
ΑΝΕΞΙΣ (Σαλαμίνα) Νέον έργον
ΑΤΤΙΚΟΝ (Σαλαμίνα) Γαλάζιος συμφωνίας (Κ)
ΑΥΡΑ (Πέραμα) Μπάρμος γυρίζει στα ΙΚΑ (Κ)
ΛΕΝΑ (Πέραμα) Πυρετός το Σαββατόβραδο (Κ)
